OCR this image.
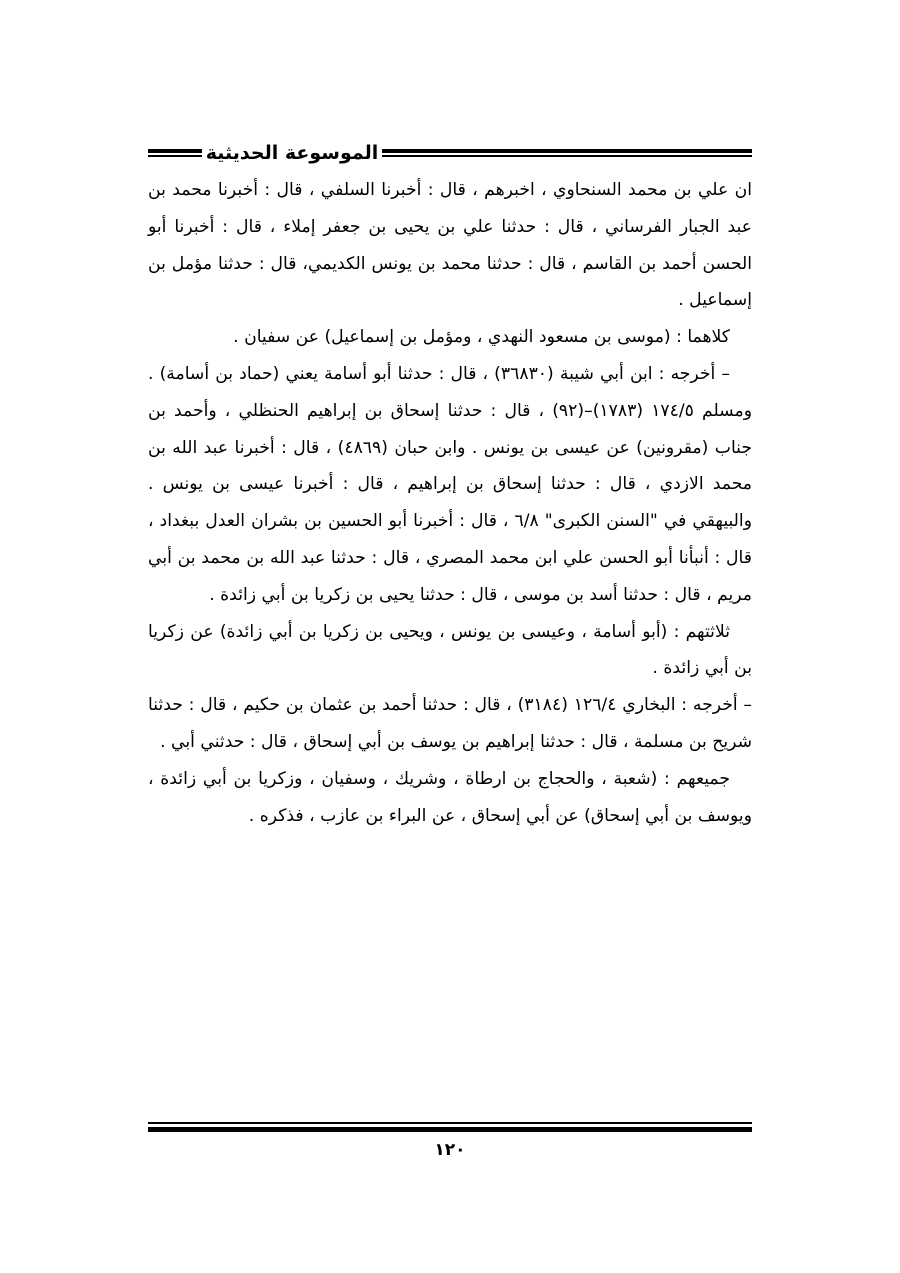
الموسوعة الحديثية

ان علي بن محمد السنحاوي ، اخبرهم ، قال : أخبرنا السلفي ، قال : أخبرنا محمد بن عبد الجبار الفرساني ، قال : حدثنا علي بن يحيى بن جعفر إملاء ، قال : أخبرنا أبو الحسن أحمد بن القاسم ، قال : حدثنا محمد بن يونس الكديمي، قال : حدثنا مؤمل بن إسماعيل .

كلاهما : (موسى بن مسعود النهدي ، ومؤمل بن إسماعيل) عن سفيان .

– أخرجه : ابن أبي شيبة (٣٦٨٣٠) ، قال : حدثنا أبو أسامة يعني (حماد بن أسامة) . ومسلم ١٧٤/٥ (١٧٨٣)–(٩٢) ، قال : حدثنا إسحاق بن إبراهيم الحنظلي ، وأحمد بن جناب (مقرونين) عن عيسى بن يونس . وابن حبان (٤٨٦٩) ، قال : أخبرنا عبد الله بن محمد الازدي ، قال : حدثنا إسحاق بن إبراهيم ، قال : أخبرنا عيسى بن يونس . والبيهقي في "السنن الكبرى" ٦/٨ ، قال : أخبرنا أبو الحسين بن بشران العدل ببغداد ، قال : أنبأنا أبو الحسن علي ابن محمد المصري ، قال : حدثنا عبد الله بن محمد بن أبي مريم ، قال : حدثنا أسد بن موسى ، قال : حدثنا يحيى بن زكريا بن أبي زائدة .

ثلاثتهم : (أبو أسامة ، وعيسى بن يونس ، ويحيى بن زكريا بن أبي زائدة) عن زكريا بن أبي زائدة .

– أخرجه : البخاري ١٢٦/٤ (٣١٨٤) ، قال : حدثنا أحمد بن عثمان بن حكيم ، قال : حدثنا شريح بن مسلمة ، قال : حدثنا إبراهيم بن يوسف بن أبي إسحاق ، قال : حدثني أبي .

جميعهم : (شعبة ، والحجاج بن ارطاة ، وشريك ، وسفيان ، وزكريا بن أبي زائدة ، ويوسف بن أبي إسحاق) عن أبي إسحاق ، عن البراء بن عازب ، فذكره .

١٢٠
